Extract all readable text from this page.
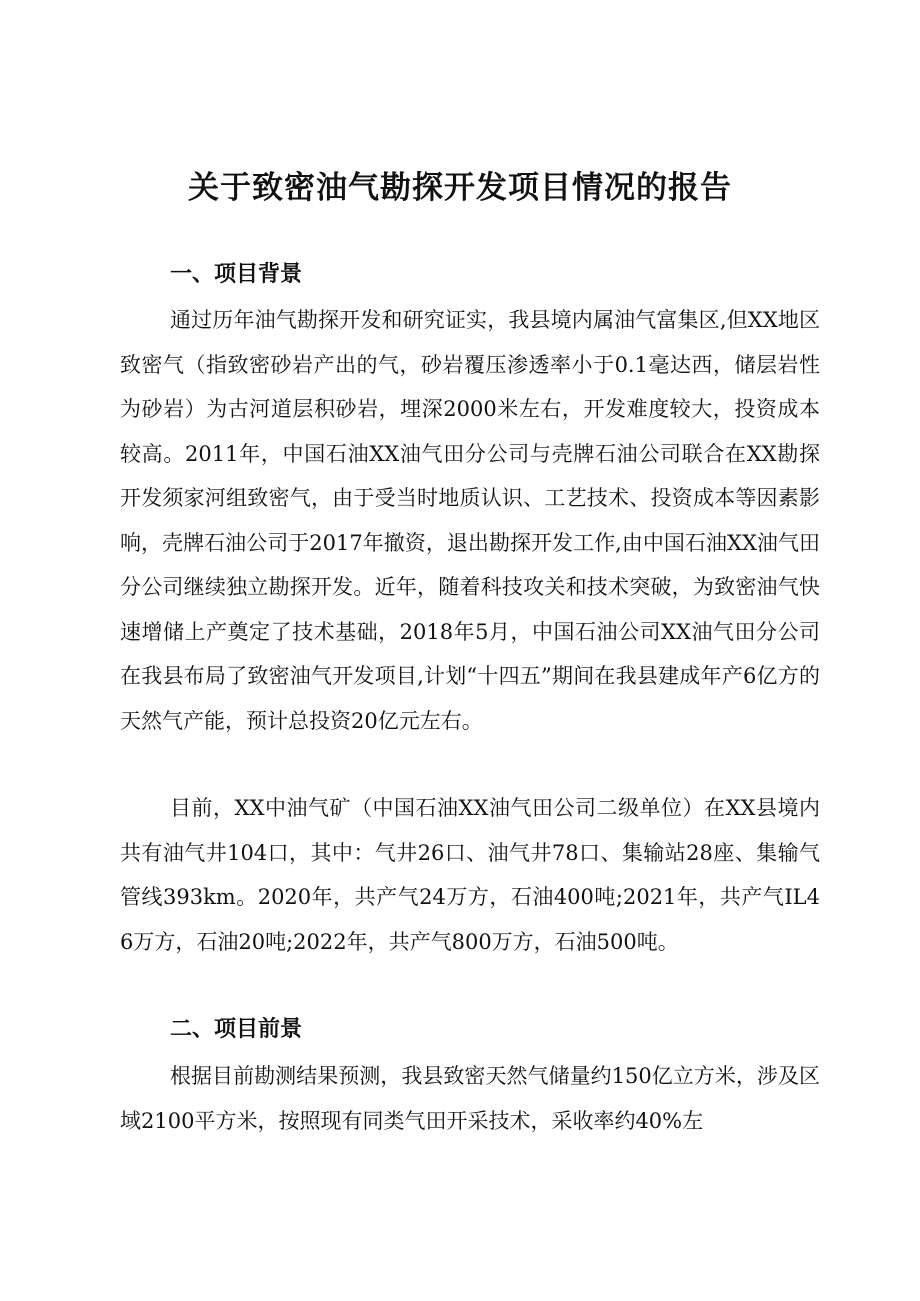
关于致密油气勘探开发项目情况的报告
一、项目背景

通过历年油气勘探开发和研究证实，我县境内属油气富集区,但XX地区致密气（指致密砂岩产出的气，砂岩覆压渗透率小于0.1毫达西，储层岩性为砂岩）为古河道层积砂岩，埋深2000米左右，开发难度较大，投资成本较高。2011年，中国石油XX油气田分公司与壳牌石油公司联合在XX勘探开发须家河组致密气，由于受当时地质认识、工艺技术、投资成本等因素影响，壳牌石油公司于2017年撤资，退出勘探开发工作,由中国石油XX油气田分公司继续独立勘探开发。近年，随着科技攻关和技术突破，为致密油气快速增储上产奠定了技术基础，2018年5月，中国石油公司XX油气田分公司在我县布局了致密油气开发项目,计划“十四五”期间在我县建成年产6亿方的天然气产能，预计总投资20亿元左右。

目前，XX中油气矿（中国石油XX油气田公司二级单位）在XX县境内共有油气井104口，其中：气井26口、油气井78口、集输站28座、集输气管线393km。2020年，共产气24万方，石油400吨;2021年，共产气IL46万方，石油20吨;2022年，共产气800万方，石油500吨。

二、项目前景

根据目前勘测结果预测，我县致密天然气储量约150亿立方米，涉及区域2100平方米，按照现有同类气田开采技术，采收率约40%左
